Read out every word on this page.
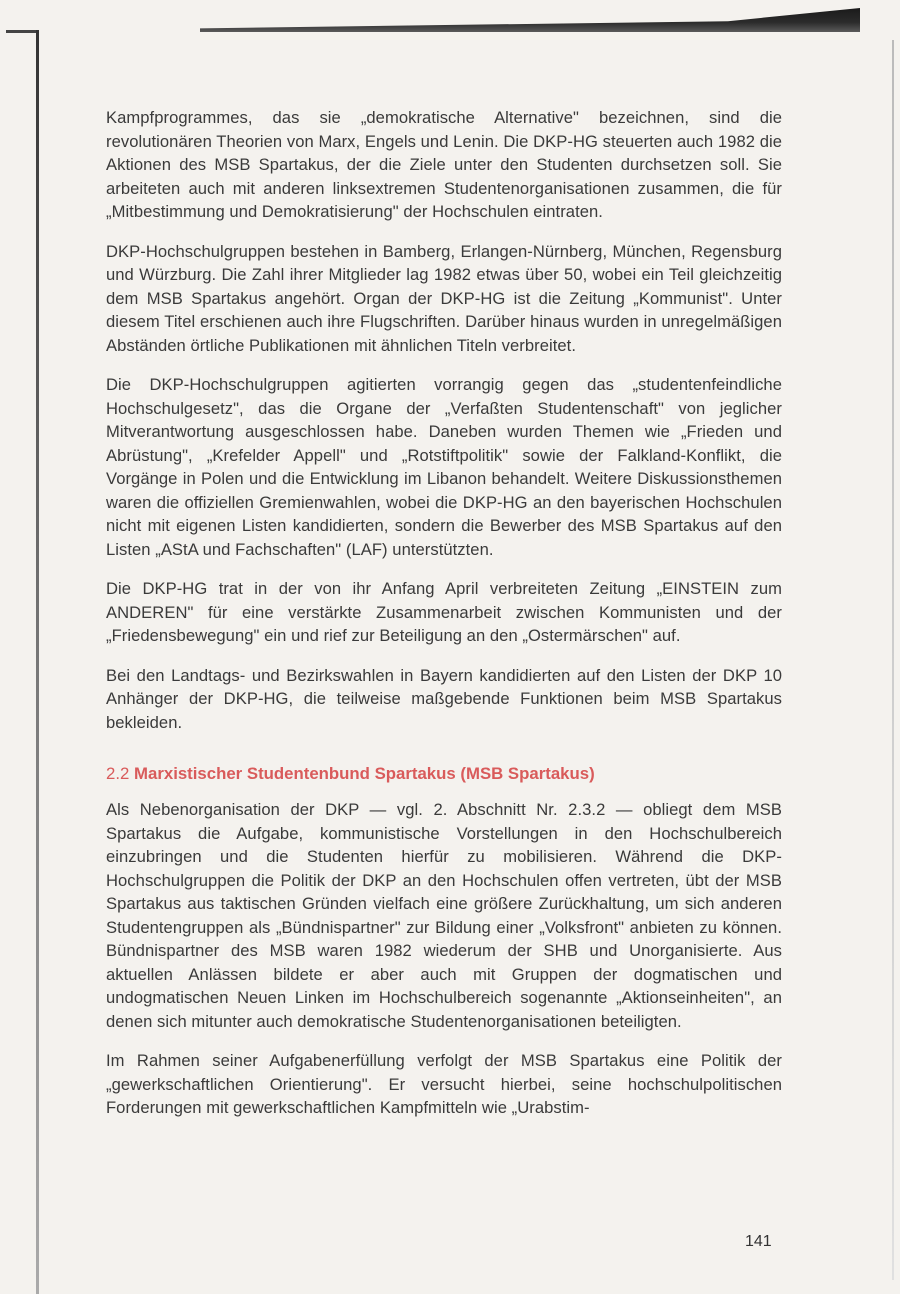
Kampfprogrammes, das sie „demokratische Alternative" bezeichnen, sind die revolutionären Theorien von Marx, Engels und Lenin. Die DKP-HG steuerten auch 1982 die Aktionen des MSB Spartakus, der die Ziele unter den Studenten durchsetzen soll. Sie arbeiteten auch mit anderen linksextremen Studentenorganisationen zusammen, die für „Mitbestimmung und Demokratisierung" der Hochschulen eintraten.

DKP-Hochschulgruppen bestehen in Bamberg, Erlangen-Nürnberg, München, Regensburg und Würzburg. Die Zahl ihrer Mitglieder lag 1982 etwas über 50, wobei ein Teil gleichzeitig dem MSB Spartakus angehört. Organ der DKP-HG ist die Zeitung „Kommunist". Unter diesem Titel erschienen auch ihre Flugschriften. Darüber hinaus wurden in unregelmäßigen Abständen örtliche Publikationen mit ähnlichen Titeln verbreitet.

Die DKP-Hochschulgruppen agitierten vorrangig gegen das „studentenfeindliche Hochschulgesetz", das die Organe der „Verfaßten Studentenschaft" von jeglicher Mitverantwortung ausgeschlossen habe. Daneben wurden Themen wie „Frieden und Abrüstung", „Krefelder Appell" und „Rotstiftpolitik" sowie der Falkland-Konflikt, die Vorgänge in Polen und die Entwicklung im Libanon behandelt. Weitere Diskussionsthemen waren die offiziellen Gremienwahlen, wobei die DKP-HG an den bayerischen Hochschulen nicht mit eigenen Listen kandidierten, sondern die Bewerber des MSB Spartakus auf den Listen „AStA und Fachschaften" (LAF) unterstützten.

Die DKP-HG trat in der von ihr Anfang April verbreiteten Zeitung „EINSTEIN zum ANDEREN" für eine verstärkte Zusammenarbeit zwischen Kommunisten und der „Friedensbewegung" ein und rief zur Beteiligung an den „Ostermärschen" auf.

Bei den Landtags- und Bezirkswahlen in Bayern kandidierten auf den Listen der DKP 10 Anhänger der DKP-HG, die teilweise maßgebende Funktionen beim MSB Spartakus bekleiden.

2.2 Marxistischer Studentenbund Spartakus (MSB Spartakus)

Als Nebenorganisation der DKP — vgl. 2. Abschnitt Nr. 2.3.2 — obliegt dem MSB Spartakus die Aufgabe, kommunistische Vorstellungen in den Hochschulbereich einzubringen und die Studenten hierfür zu mobilisieren. Während die DKP-Hochschulgruppen die Politik der DKP an den Hochschulen offen vertreten, übt der MSB Spartakus aus taktischen Gründen vielfach eine größere Zurückhaltung, um sich anderen Studentengruppen als „Bündnispartner" zur Bildung einer „Volksfront" anbieten zu können. Bündnispartner des MSB waren 1982 wiederum der SHB und Unorganisierte. Aus aktuellen Anlässen bildete er aber auch mit Gruppen der dogmatischen und undogmatischen Neuen Linken im Hochschulbereich sogenannte „Aktionseinheiten", an denen sich mitunter auch demokratische Studentenorganisationen beteiligten.

Im Rahmen seiner Aufgabenerfüllung verfolgt der MSB Spartakus eine Politik der „gewerkschaftlichen Orientierung". Er versucht hierbei, seine hochschulpolitischen Forderungen mit gewerkschaftlichen Kampfmitteln wie „Urabstim-

141
